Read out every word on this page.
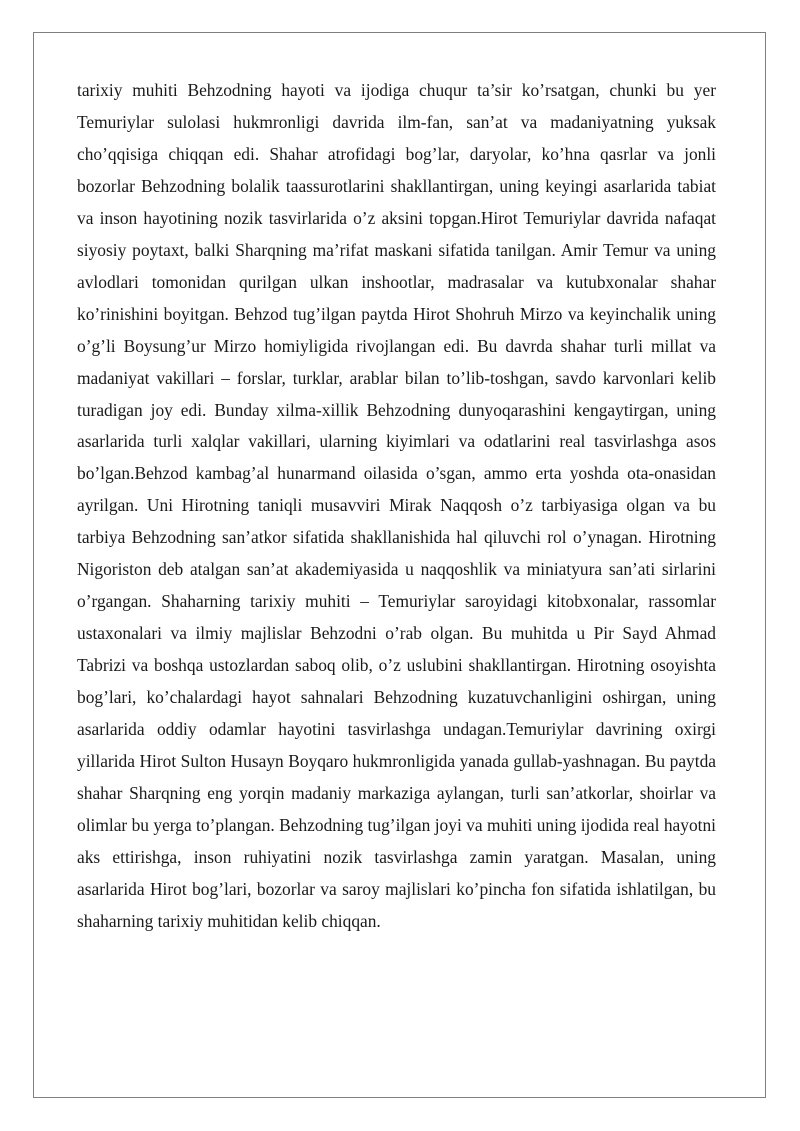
tarixiy muhiti Behzodning hayoti va ijodiga chuqur ta’sir ko’rsatgan, chunki bu yer Temuriylar sulolasi hukmronligi davrida ilm-fan, san’at va madaniyatning yuksak cho’qqisiga chiqqan edi. Shahar atrofidagi bog’lar, daryolar, ko’hna qasrlar va jonli bozorlar Behzodning bolalik taassurotlarini shakllantirgan, uning keyingi asarlarida tabiat va inson hayotining nozik tasvirlarida o’z aksini topgan.Hirot Temuriylar davrida nafaqat siyosiy poytaxt, balki Sharqning ma’rifat maskani sifatida tanilgan. Amir Temur va uning avlodlari tomonidan qurilgan ulkan inshootlar, madrasalar va kutubxonalar shahar ko’rinishini boyitgan. Behzod tug’ilgan paytda Hirot Shohruh Mirzo va keyinchalik uning o’g’li Boysung’ur Mirzo homiyligida rivojlangan edi. Bu davrda shahar turli millat va madaniyat vakillari – forslar, turklar, arablar bilan to’lib-toshgan, savdo karvonlari kelib turadigan joy edi. Bunday xilma-xillik Behzodning dunyoqarashini kengaytirgan, uning asarlarida turli xalqlar vakillari, ularning kiyimlari va odatlarini real tasvirlashga asos bo’lgan.Behzod kambag’al hunarmand oilasida o’sgan, ammo erta yoshda ota-onasidan ayrilgan. Uni Hirotning taniqli musavviri Mirak Naqqosh o’z tarbiyasiga olgan va bu tarbiya Behzodning san’atkor sifatida shakllanishida hal qiluvchi rol o’ynagan. Hirotning Nigoriston deb atalgan san’at akademiyasida u naqqoshlik va miniatyura san’ati sirlarini o’rgangan. Shaharning tarixiy muhiti – Temuriylar saroyidagi kitobxonalar, rassomlar ustaxonalari va ilmiy majlislar Behzodni o’rab olgan. Bu muhitda u Pir Sayd Ahmad Tabrizi va boshqa ustozlardan saboq olib, o’z uslubini shakllantirgan. Hirotning osoyishta bog’lari, ko’chalardagi hayot sahnalari Behzodning kuzatuvchanligini oshirgan, uning asarlarida oddiy odamlar hayotini tasvirlashga undagan.Temuriylar davrining oxirgi yillarida Hirot Sulton Husayn Boyqaro hukmronligida yanada gullab-yashnagan. Bu paytda shahar Sharqning eng yorqin madaniy markaziga aylangan, turli san’atkorlar, shoirlar va olimlar bu yerga to’plangan. Behzodning tug’ilgan joyi va muhiti uning ijodida real hayotni aks ettirishga, inson ruhiyatini nozik tasvirlashga zamin yaratgan. Masalan, uning asarlarida Hirot bog’lari, bozorlar va saroy majlislari ko’pincha fon sifatida ishlatilgan, bu shaharning tarixiy muhitidan kelib chiqqan.
